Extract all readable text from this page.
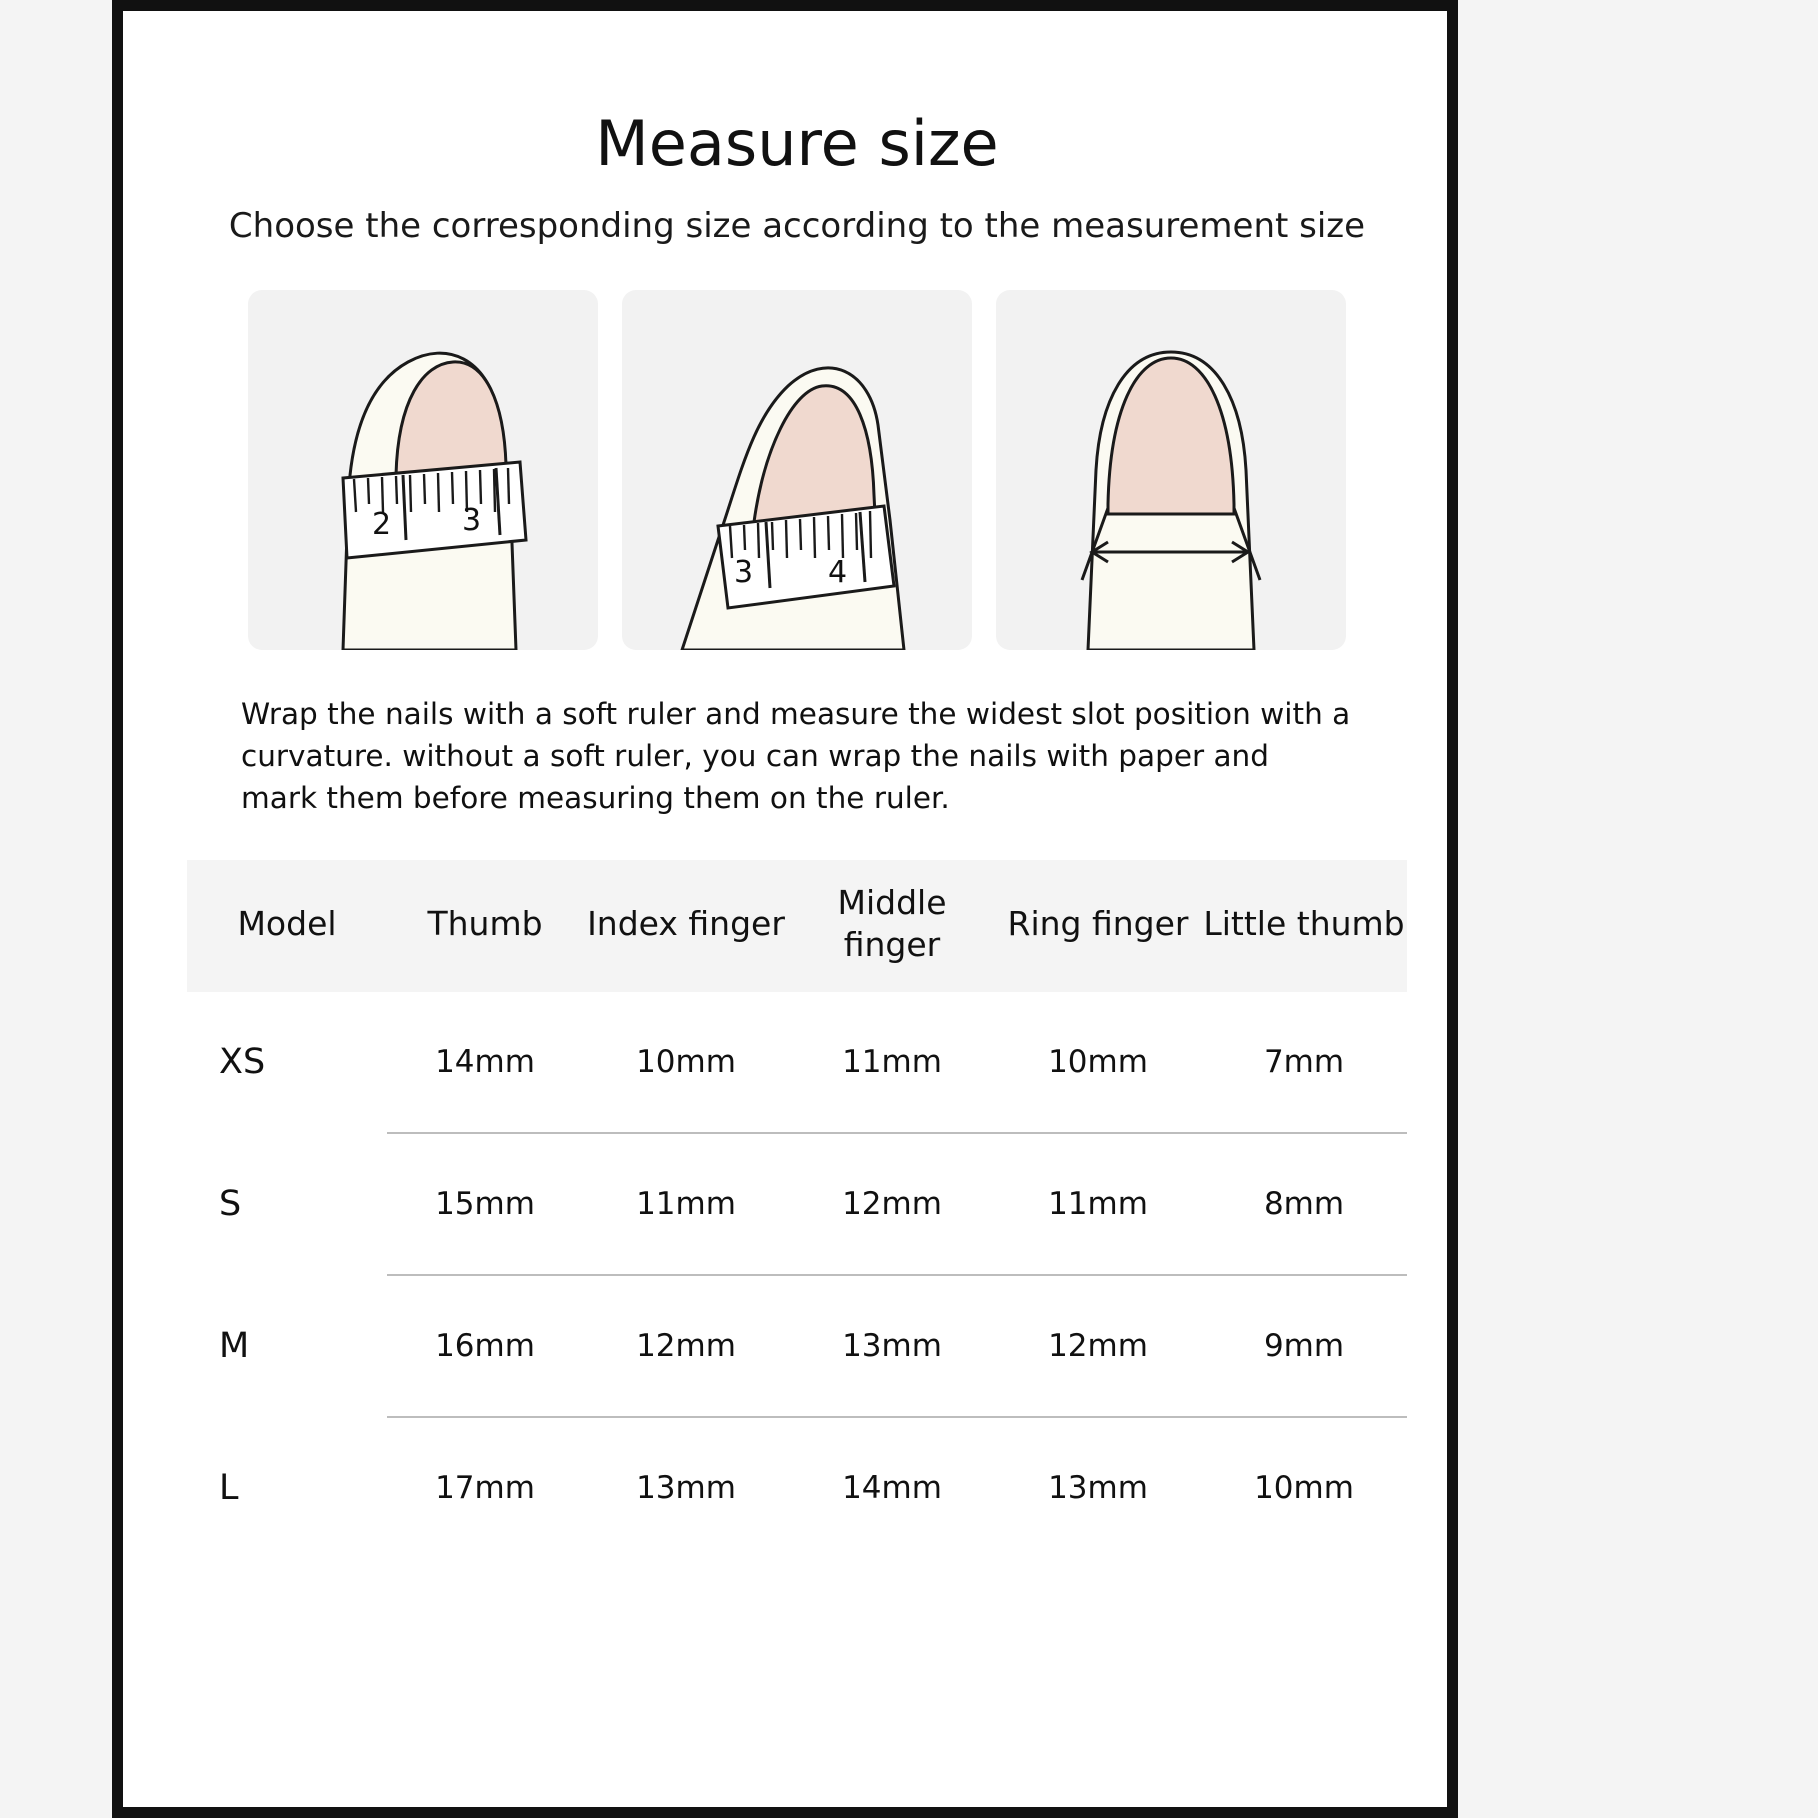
Measure size
Choose the corresponding size according to the measurement size
2 3
3 4
Wrap the nails with a soft ruler and measure the widest slot position with a curvature. without a soft ruler, you can wrap the nails with paper and mark them before measuring them on the ruler.
Model	Thumb	Index finger	Middle finger	Ring finger	Little thumb
XS	14mm	10mm	11mm	10mm	7mm
S	15mm	11mm	12mm	11mm	8mm
M	16mm	12mm	13mm	12mm	9mm
L	17mm	13mm	14mm	13mm	10mm
